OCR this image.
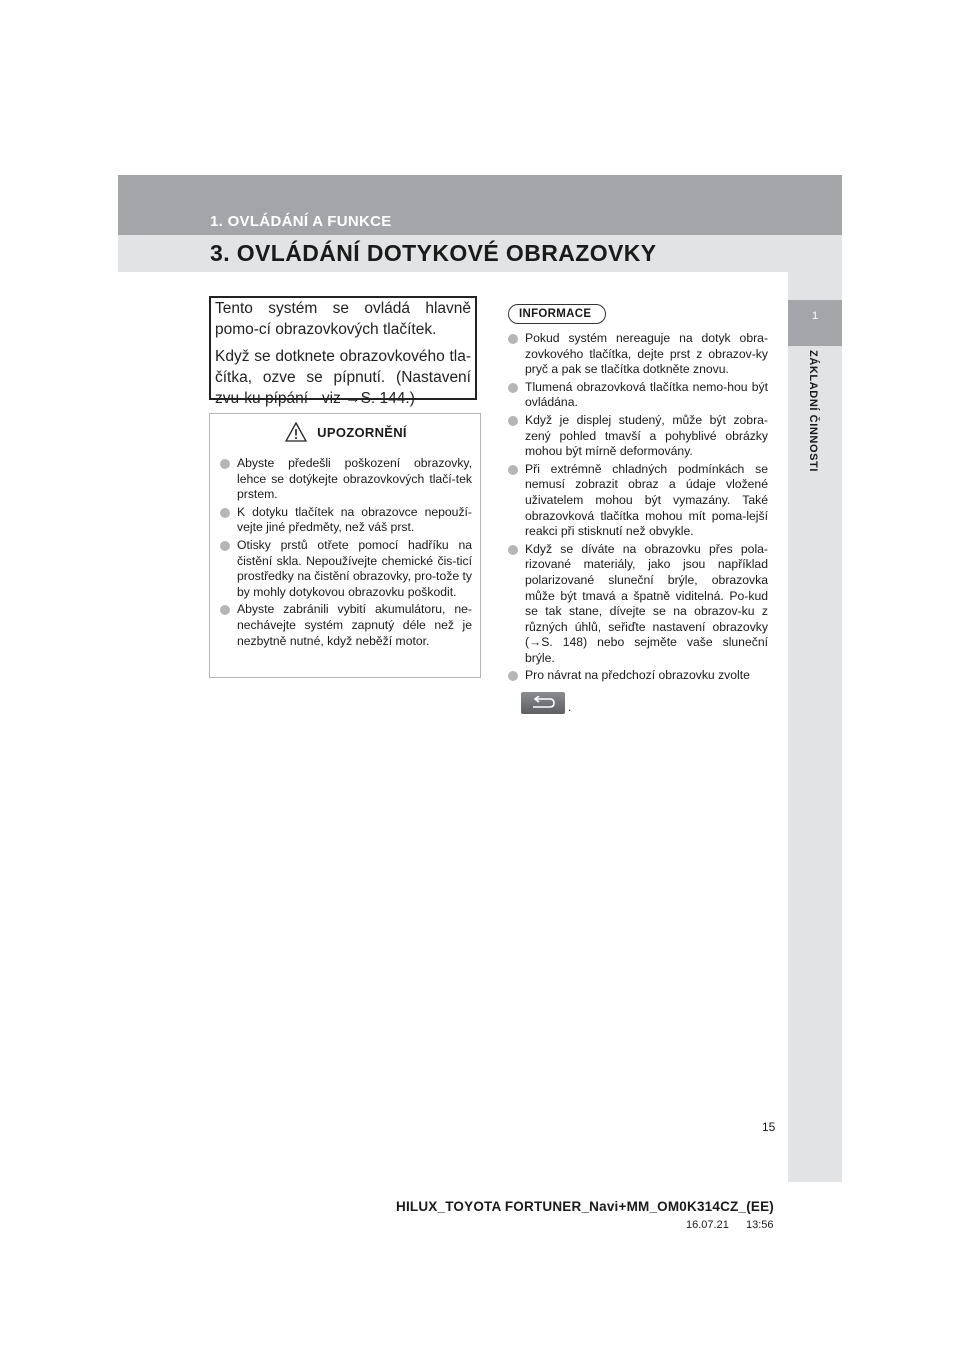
1. OVLÁDÁNÍ A FUNKCE
3. OVLÁDÁNÍ DOTYKOVÉ OBRAZOVKY
1
ZÁKLADNÍ ČINNOSTI

Tento systém se ovládá hlavně pomo-cí obrazovkových tlačítek.

Když se dotknete obrazovkového tla-čítka, ozve se pípnutí. (Nastavení zvu-ku pípání - viz →S. 144.)

UPOZORNĚNÍ
Abyste předešli poškození obrazovky, lehce se dotýkejte obrazovkových tlačí-tek prstem.
K dotyku tlačítek na obrazovce nepouží-vejte jiné předměty, než váš prst.
Otisky prstů otřete pomocí hadříku na čistění skla. Nepoužívejte chemické čis-ticí prostředky na čistění obrazovky, pro-tože ty by mohly dotykovou obrazovku poškodit.
Abyste zabránili vybití akumulátoru, ne-nechávejte systém zapnutý déle než je nezbytně nutné, když neběží motor.
INFORMACE
Pokud systém nereaguje na dotyk obra-zovkového tlačítka, dejte prst z obrazov-ky pryč a pak se tlačítka dotkněte znovu.
Tlumená obrazovková tlačítka nemo-hou být ovládána.
Když je displej studený, může být zobra-zený pohled tmavší a pohyblivé obrázky mohou být mírně deformovány.
Při extrémně chladných podmínkách se nemusí zobrazit obraz a údaje vložené uživatelem mohou být vymazány. Také obrazovková tlačítka mohou mít poma-lejší reakci při stisknutí než obvykle.
Když se díváte na obrazovku přes pola-rizované materiály, jako jsou například polarizované sluneční brýle, obrazovka může být tmavá a špatně viditelná. Po-kud se tak stane, dívejte se na obrazov-ku z různých úhlů, seřiďte nastavení obrazovky (→S. 148) nebo sejměte vaše sluneční brýle.
Pro návrat na předchozí obrazovku zvolte
.
15
HILUX_TOYOTA FORTUNER_Navi+MM_OM0K314CZ_(EE)
16.07.21 13:56
